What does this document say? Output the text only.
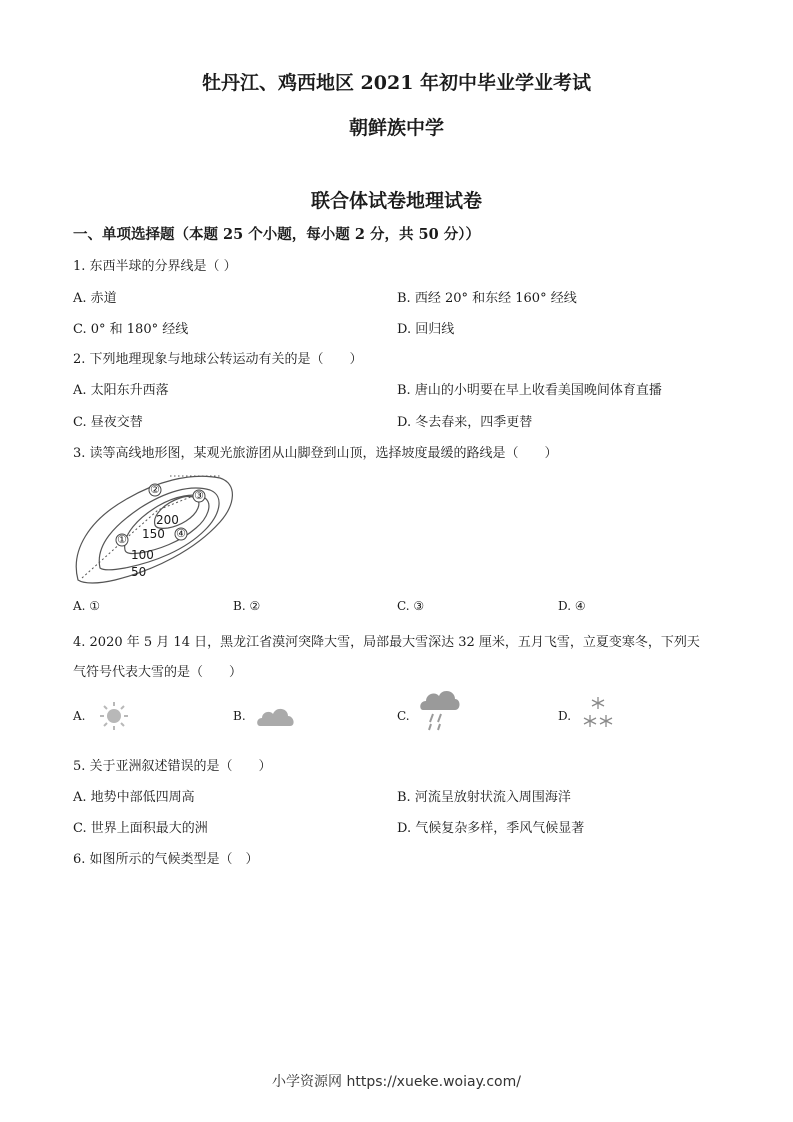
牡丹江、鸡西地区 2021 年初中毕业学业考试
朝鲜族中学
联合体试卷地理试卷
一、单项选择题（本题 25 个小题，每小题 2 分，共 50 分））
1. 东西半球的分界线是（ ）
A. 赤道	B. 西经 20° 和东经 160° 经线
C. 0° 和 180° 经线	D. 回归线
2. 下列地理现象与地球公转运动有关的是（　　）
A. 太阳东升西落	B. 唐山的小明要在早上收看美国晚间体育直播
C. 昼夜交替	D. 冬去春来，四季更替
3. 读等高线地形图，某观光旅游团从山脚登到山顶，选择坡度最缓的路线是（　　）
①
②	③
④
200
150
100
50
A. ①	B. ②	C. ③	D. ④
4. 2020 年 5 月 14 日，黑龙江省漠河突降大雪，局部最大雪深达 32 厘米，五月飞雪，立夏变寒冬，下列天
气符号代表大雪的是（　　）
A.	B.	C.	D.
5. 关于亚洲叙述错误的是（　　）
A. 地势中部低四周高	B. 河流呈放射状流入周围海洋
C. 世界上面积最大的洲	D. 气候复杂多样，季风气候显著
6. 如图所示的气候类型是（　）
小学资源网 https://xueke.woiay.com/
